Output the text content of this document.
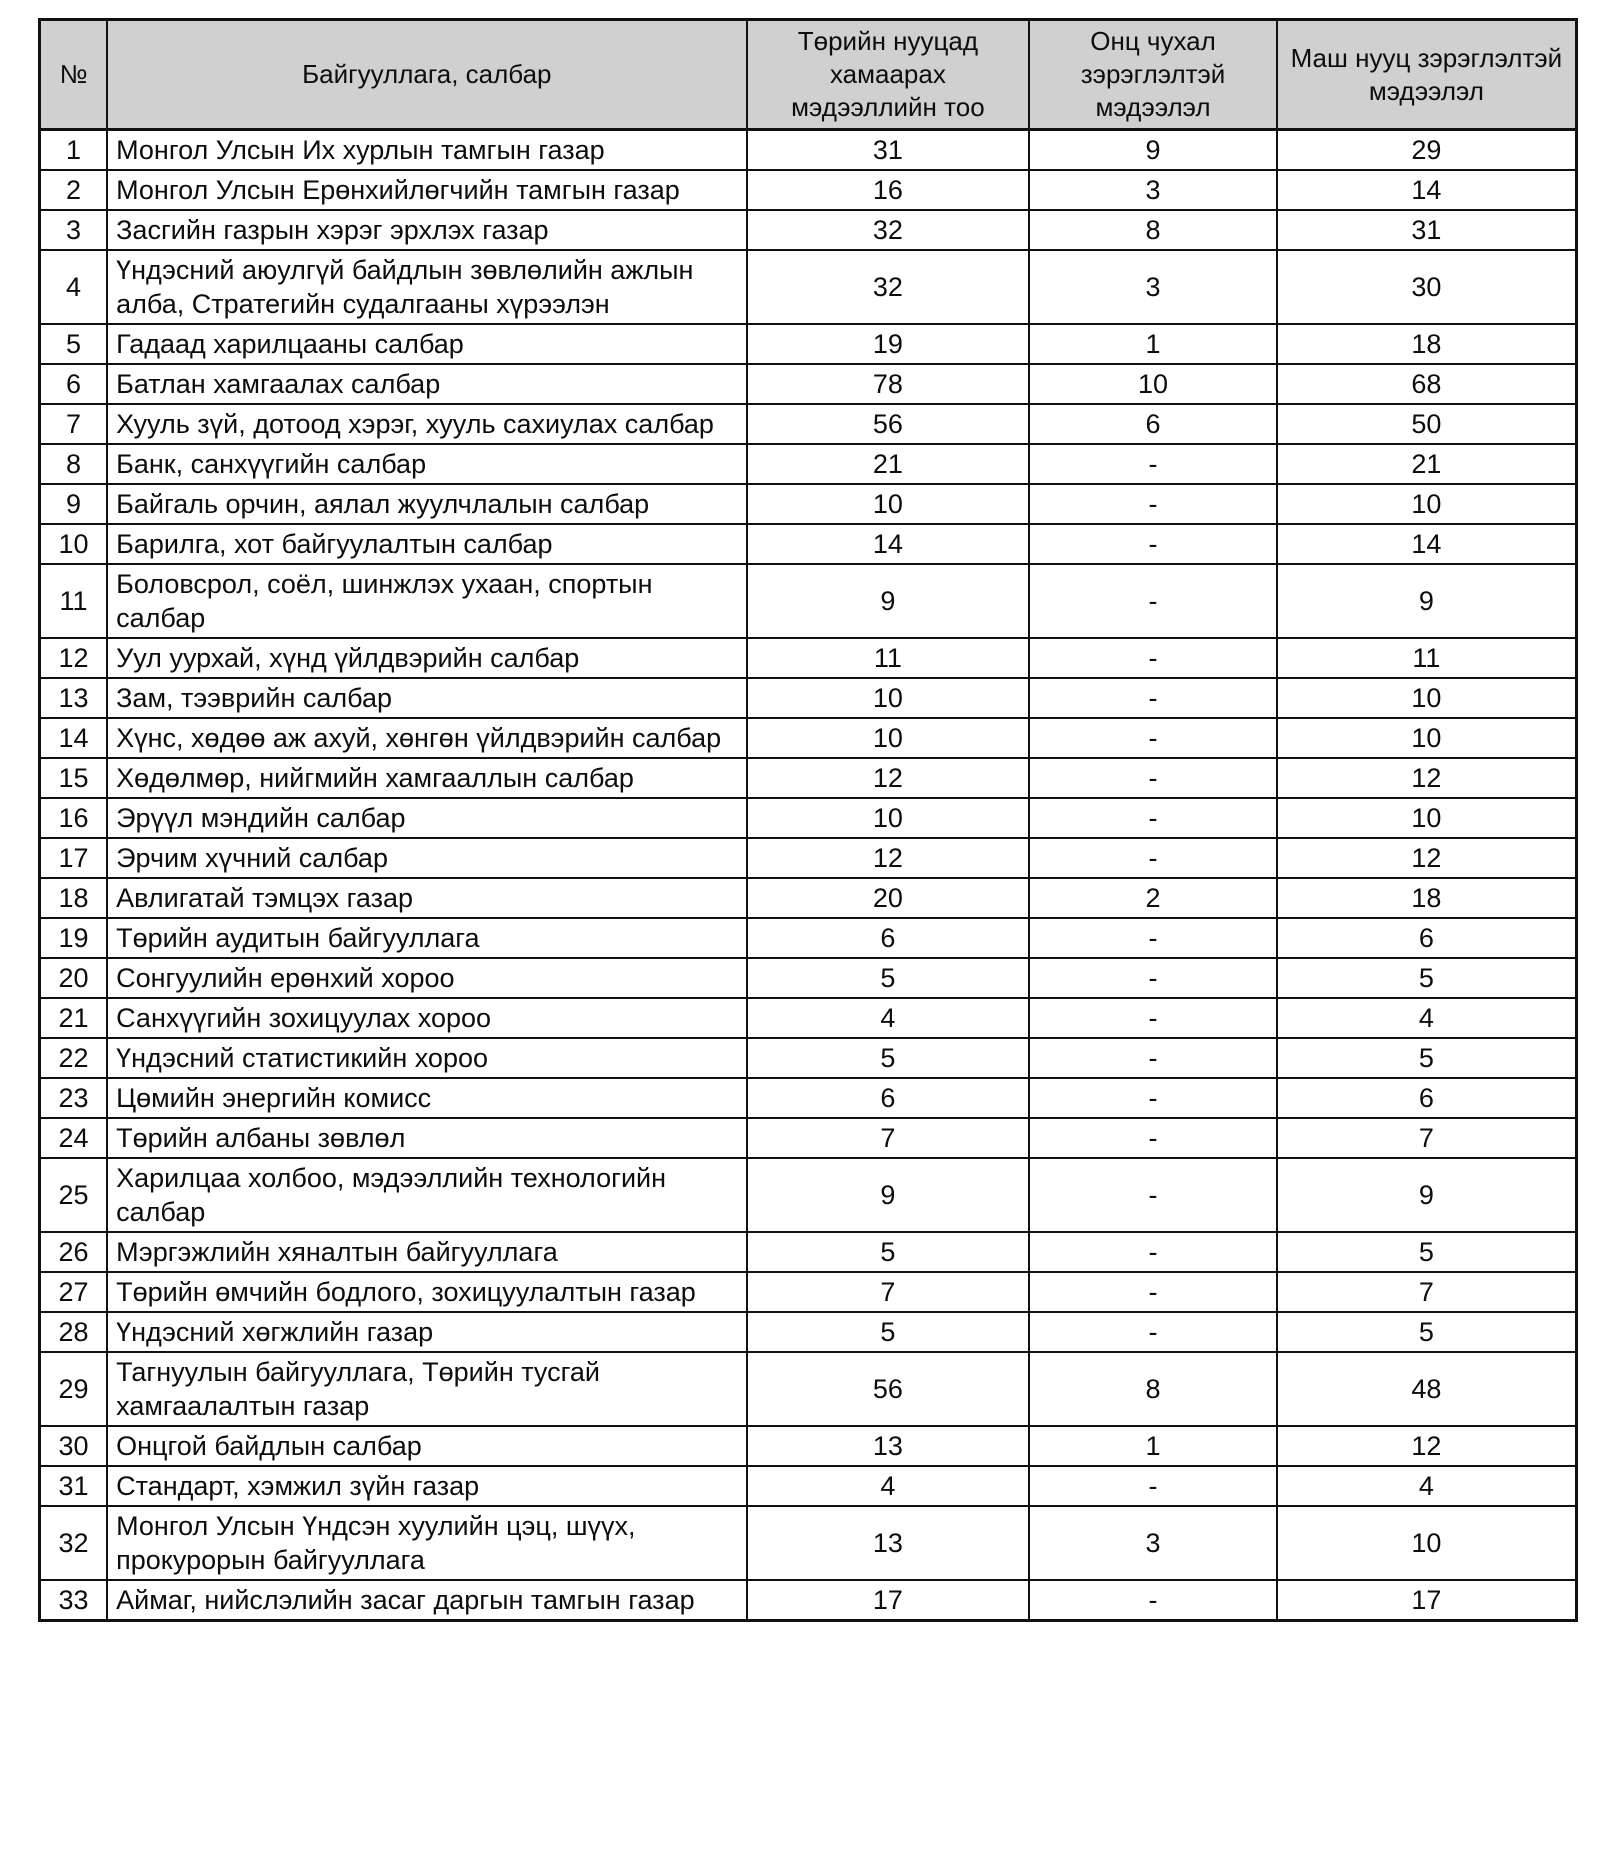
№	Байгууллага, салбар	Төрийн нууцад хамаарах мэдээллийн тоо	Онц чухал зэрэглэлтэй мэдээлэл	Маш нууц зэрэглэлтэй мэдээлэл
1	Монгол Улсын Их хурлын тамгын газар	31	9	29
2	Монгол Улсын Ерөнхийлөгчийн тамгын газар	16	3	14
3	Засгийн газрын хэрэг эрхлэх газар	32	8	31
4	Үндэсний аюулгүй байдлын зөвлөлийн ажлын алба, Стратегийн судалгааны хүрээлэн	32	3	30
5	Гадаад харилцааны салбар	19	1	18
6	Батлан хамгаалах салбар	78	10	68
7	Хууль зүй, дотоод хэрэг, хууль сахиулах салбар	56	6	50
8	Банк, санхүүгийн салбар	21	-	21
9	Байгаль орчин, аялал жуулчлалын салбар	10	-	10
10	Барилга, хот байгуулалтын салбар	14	-	14
11	Боловсрол, соёл, шинжлэх ухаан, спортын салбар	9	-	9
12	Уул уурхай, хүнд үйлдвэрийн салбар	11	-	11
13	Зам, тээврийн салбар	10	-	10
14	Хүнс, хөдөө аж ахуй, хөнгөн үйлдвэрийн салбар	10	-	10
15	Хөдөлмөр, нийгмийн хамгааллын салбар	12	-	12
16	Эрүүл мэндийн салбар	10	-	10
17	Эрчим хүчний салбар	12	-	12
18	Авлигатай тэмцэх газар	20	2	18
19	Төрийн аудитын байгууллага	6	-	6
20	Сонгуулийн ерөнхий хороо	5	-	5
21	Санхүүгийн зохицуулах хороо	4	-	4
22	Үндэсний статистикийн хороо	5	-	5
23	Цөмийн энергийн комисс	6	-	6
24	Төрийн албаны зөвлөл	7	-	7
25	Харилцаа холбоо, мэдээллийн технологийн салбар	9	-	9
26	Мэргэжлийн хяналтын байгууллага	5	-	5
27	Төрийн өмчийн бодлого, зохицуулалтын газар	7	-	7
28	Үндэсний хөгжлийн газар	5	-	5
29	Тагнуулын байгууллага, Төрийн тусгай хамгаалалтын газар	56	8	48
30	Онцгой байдлын салбар	13	1	12
31	Стандарт, хэмжил зүйн газар	4	-	4
32	Монгол Улсын Үндсэн хуулийн цэц, шүүх, прокурорын байгууллага	13	3	10
33	Аймаг, нийслэлийн засаг даргын тамгын газар	17	-	17
